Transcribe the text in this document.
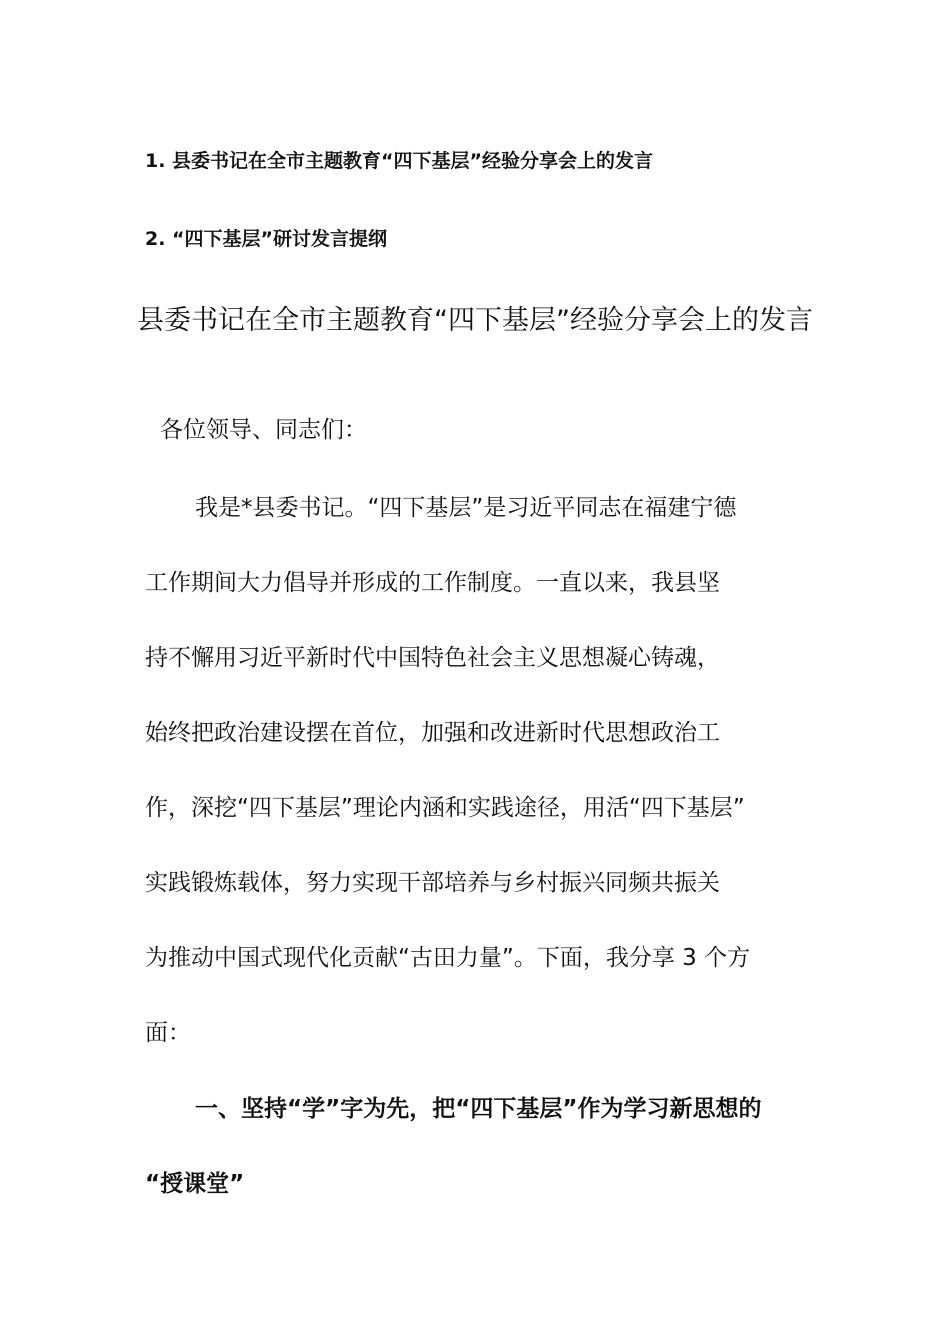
1. 县委书记在全市主题教育“四下基层”经验分享会上的发言
2. “四下基层”研讨发言提纲
县委书记在全市主题教育“四下基层”经验分享会上的发言
各位领导、同志们：
我是*县委书记。“四下基层”是习近平同志在福建宁德
工作期间大力倡导并形成的工作制度。一直以来，我县坚
持不懈用习近平新时代中国特色社会主义思想凝心铸魂，
始终把政治建设摆在首位，加强和改进新时代思想政治工
作，深挖“四下基层”理论内涵和实践途径，用活“四下基层”
实践锻炼载体，努力实现干部培养与乡村振兴同频共振关
为推动中国式现代化贡献“古田力量”。下面，我分享 3 个方
面：
一、坚持“学”字为先，把“四下基层”作为学习新思想的
“授课堂”
